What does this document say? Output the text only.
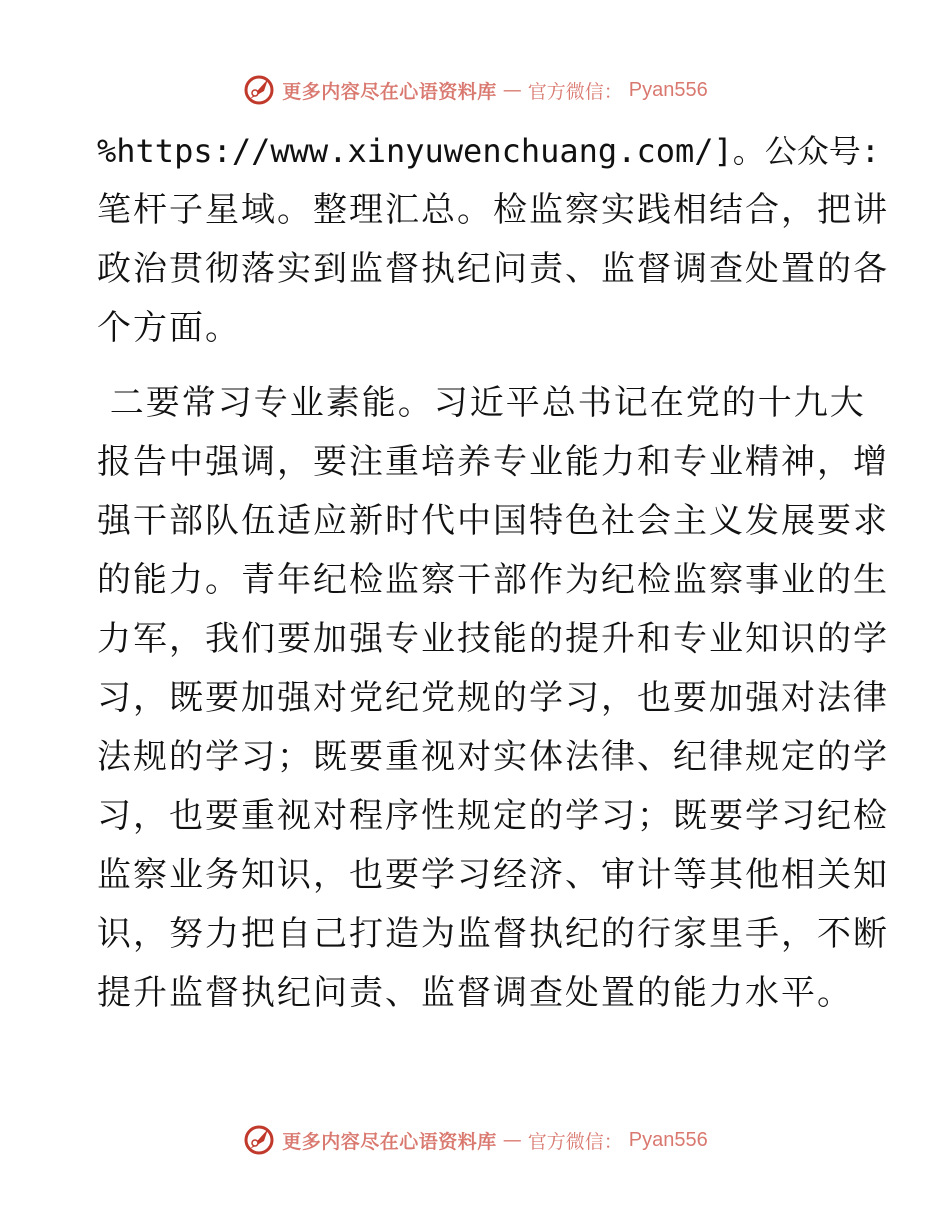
更多内容尽在心语资料库 — 官方微信： Pyan556
%https://www.xinyuwenchuang.com/]。公众号:
笔杆子星域。整理汇总。检监察实践相结合，把讲
政治贯彻落实到监督执纪问责、监督调查处置的各
个方面。
二要常习专业素能。习近平总书记在党的十九大
报告中强调，要注重培养专业能力和专业精神，增
强干部队伍适应新时代中国特色社会主义发展要求
的能力。青年纪检监察干部作为纪检监察事业的生
力军，我们要加强专业技能的提升和专业知识的学
习，既要加强对党纪党规的学习，也要加强对法律
法规的学习；既要重视对实体法律、纪律规定的学
习，也要重视对程序性规定的学习；既要学习纪检
监察业务知识，也要学习经济、审计等其他相关知
识，努力把自己打造为监督执纪的行家里手，不断
提升监督执纪问责、监督调查处置的能力水平。
更多内容尽在心语资料库 — 官方微信： Pyan556
